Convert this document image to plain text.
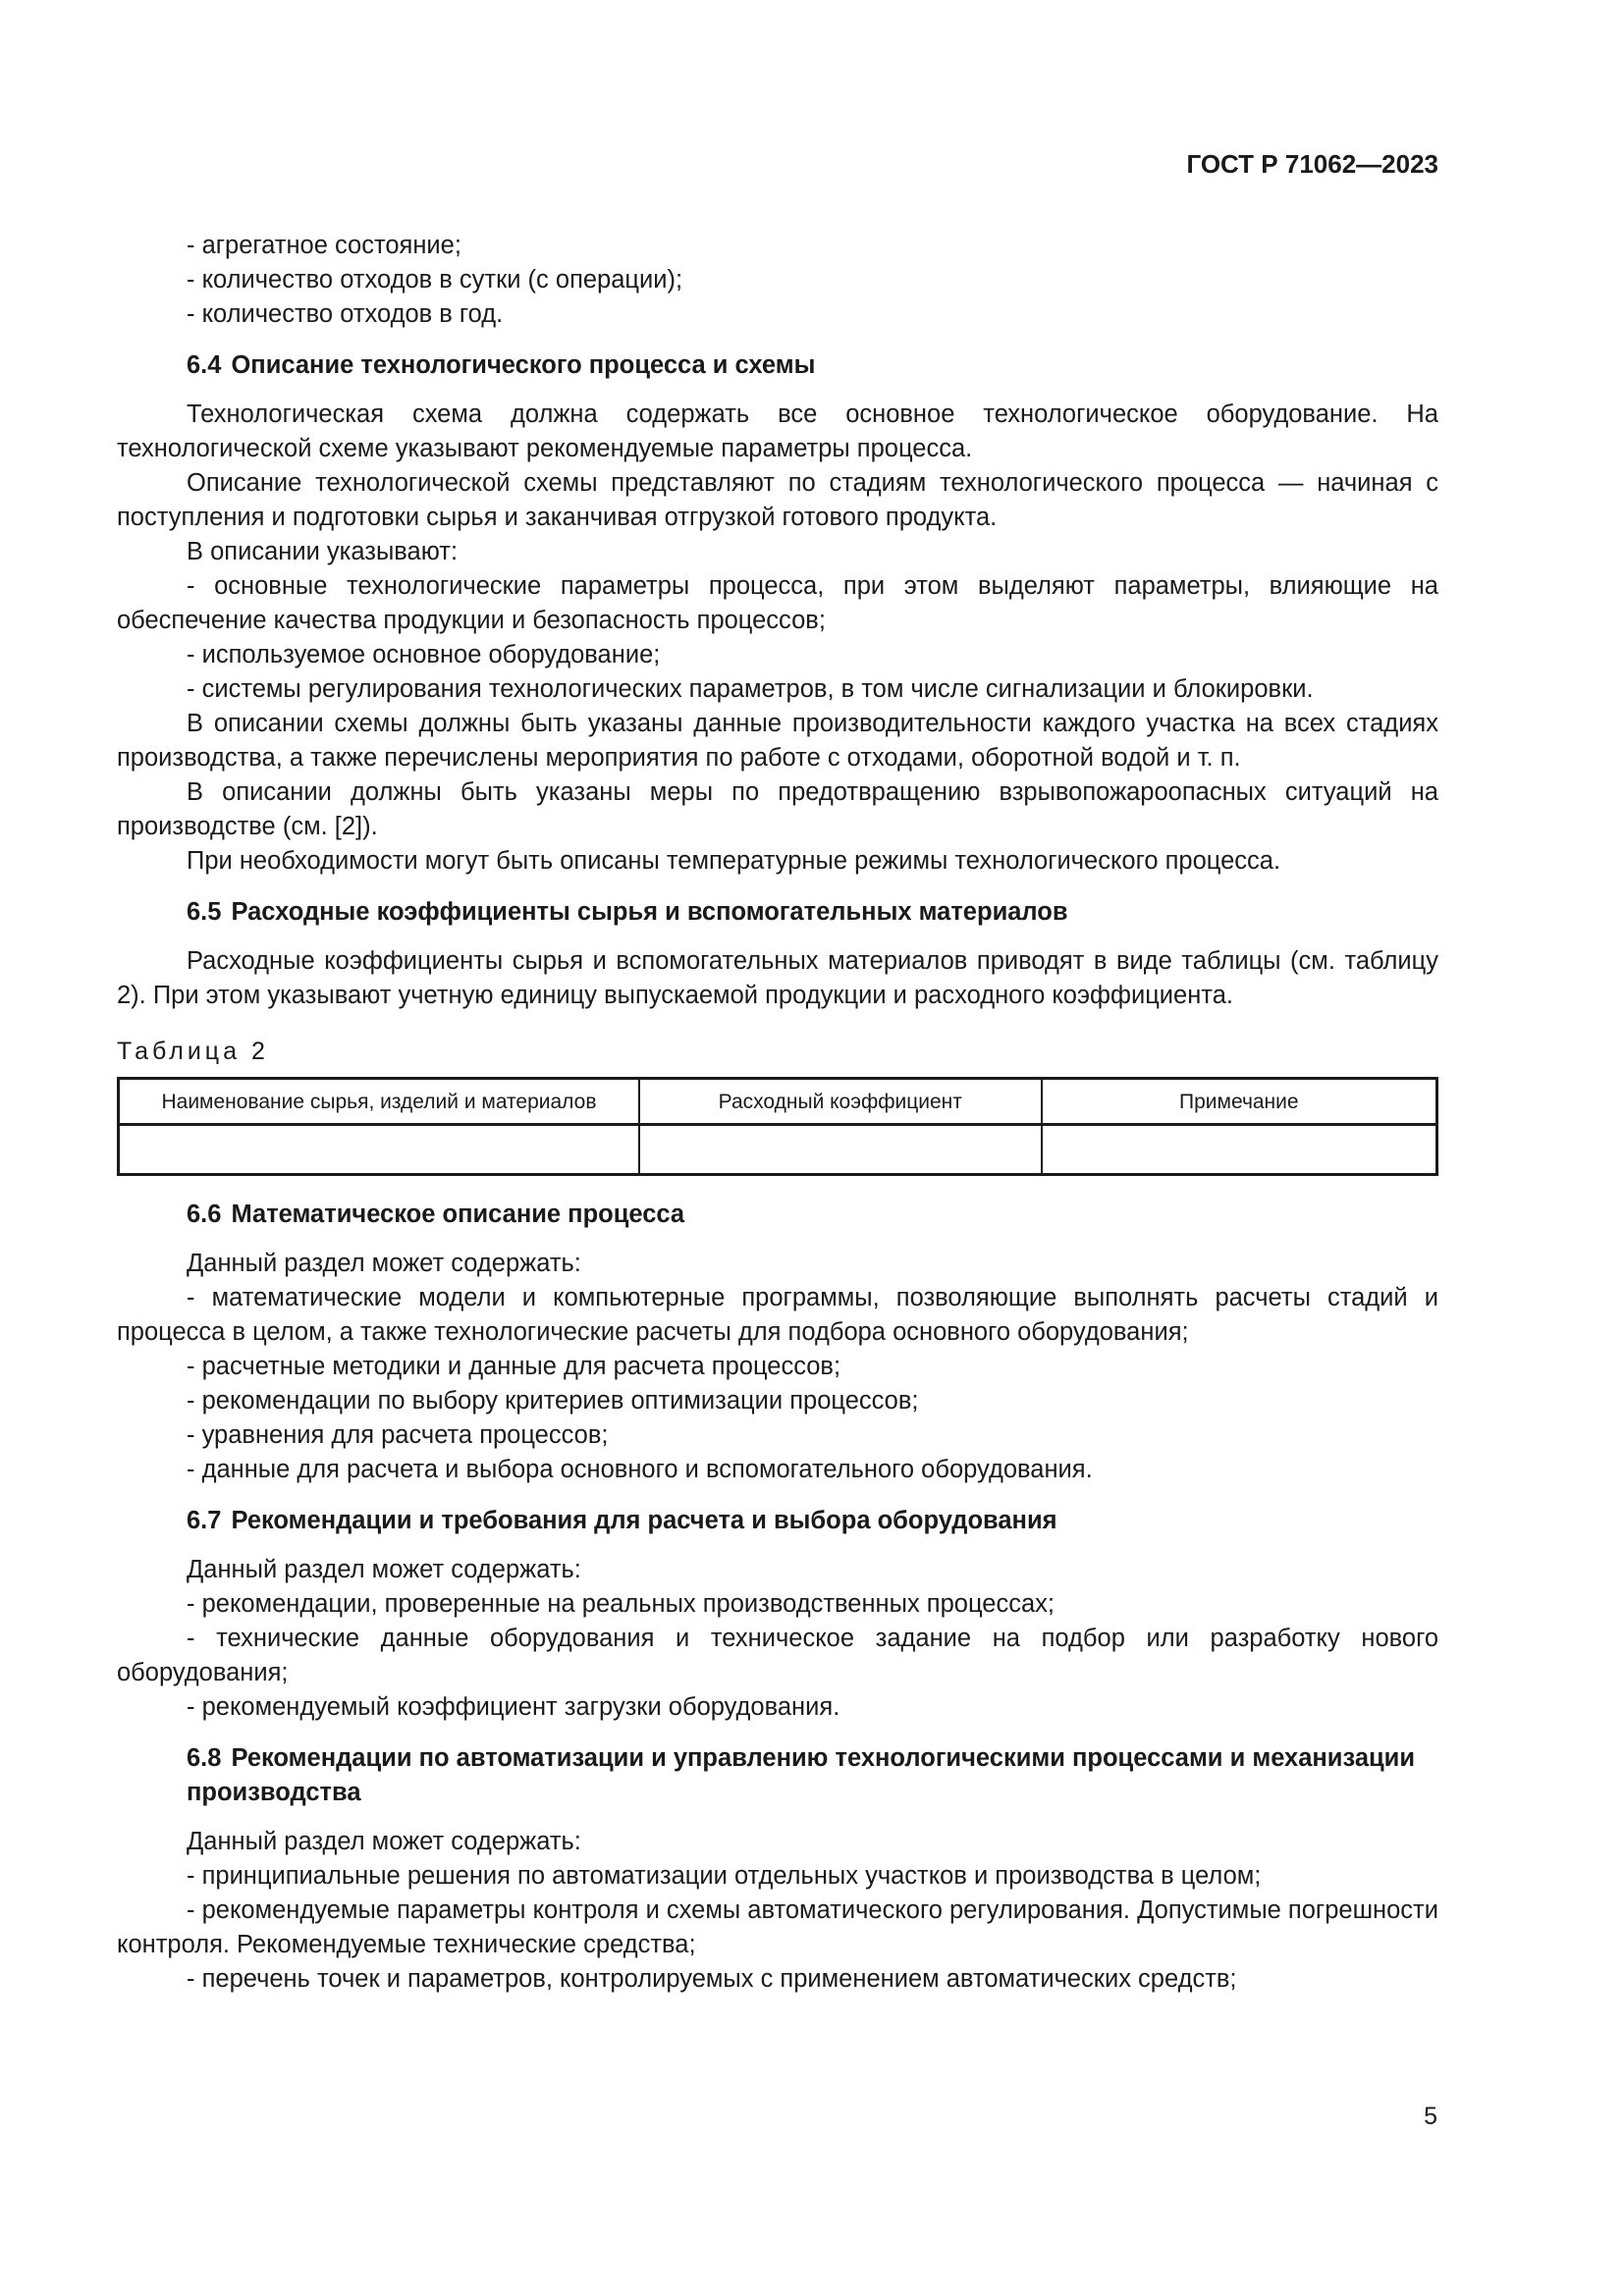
ГОСТ Р 71062—2023

- агрегатное состояние;

- количество отходов в сутки (с операции);

- количество отходов в год.

6.4 Описание технологического процесса и схемы

Технологическая схема должна содержать все основное технологическое оборудование. На технологической схеме указывают рекомендуемые параметры процесса.

Описание технологической схемы представляют по стадиям технологического процесса — начиная с поступления и подготовки сырья и заканчивая отгрузкой готового продукта.

В описании указывают:

- основные технологические параметры процесса, при этом выделяют параметры, влияющие на обеспечение качества продукции и безопасность процессов;

- используемое основное оборудование;

- системы регулирования технологических параметров, в том числе сигнализации и блокировки.

В описании схемы должны быть указаны данные производительности каждого участка на всех стадиях производства, а также перечислены мероприятия по работе с отходами, оборотной водой и т. п.

В описании должны быть указаны меры по предотвращению взрывопожароопасных ситуаций на производстве (см. [2]).

При необходимости могут быть описаны температурные режимы технологического процесса.

6.5 Расходные коэффициенты сырья и вспомогательных материалов

Расходные коэффициенты сырья и вспомогательных материалов приводят в виде таблицы (см. таблицу 2). При этом указывают учетную единицу выпускаемой продукции и расходного коэффициента.

Таблица 2
Наименование сырья, изделий и материалов	Расходный коэффициент	Примечание

6.6 Математическое описание процесса

Данный раздел может содержать:

- математические модели и компьютерные программы, позволяющие выполнять расчеты стадий и процесса в целом, а также технологические расчеты для подбора основного оборудования;

- расчетные методики и данные для расчета процессов;

- рекомендации по выбору критериев оптимизации процессов;

- уравнения для расчета процессов;

- данные для расчета и выбора основного и вспомогательного оборудования.

6.7 Рекомендации и требования для расчета и выбора оборудования

Данный раздел может содержать:

- рекомендации, проверенные на реальных производственных процессах;

- технические данные оборудования и техническое задание на подбор или разработку нового оборудования;

- рекомендуемый коэффициент загрузки оборудования.

6.8 Рекомендации по автоматизации и управлению технологическими процессами и механизации производства

Данный раздел может содержать:

- принципиальные решения по автоматизации отдельных участков и производства в целом;

- рекомендуемые параметры контроля и схемы автоматического регулирования. Допустимые погрешности контроля. Рекомендуемые технические средства;

- перечень точек и параметров, контролируемых с применением автоматических средств;

5
